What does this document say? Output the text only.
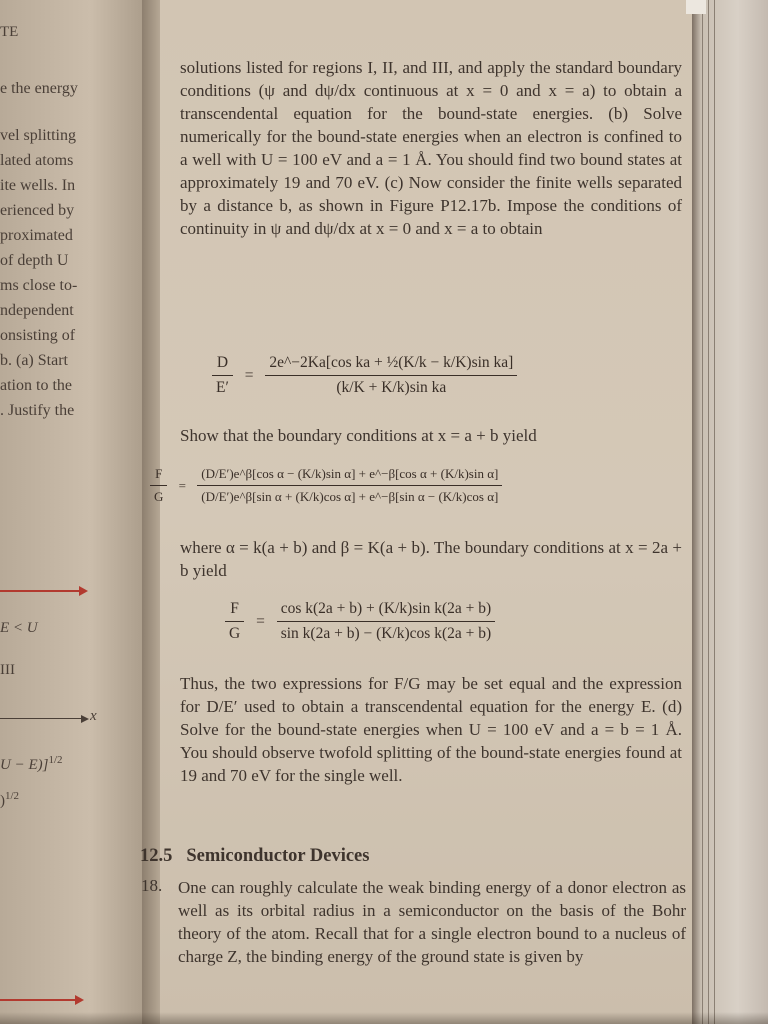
TE
e the energy
vel splitting
lated atoms
ite wells. In
erienced by
proximated
of depth U
ms close to-
ndependent
onsisting of
b. (a) Start
ation to the
. Justify the
E < U
III
x
U − E)]$^{1/2}$
)$^{1/2}$

solutions listed for regions I, II, and III, and apply the standard boundary conditions (ψ and dψ/dx continuous at x = 0 and x = a) to obtain a transcendental equation for the bound-state energies. (b) Solve numerically for the bound-state energies when an electron is confined to a well with U = 100 eV and a = 1 Å. You should find two bound states at approximately 19 and 70 eV. (c) Now consider the finite wells separated by a distance b, as shown in Figure P12.17b. Impose the conditions of continuity in ψ and dψ/dx at x = 0 and x = a to obtain

$\frac{D}{E'} = \frac{\text{2e\textasciicircum{}−2Ka[cos ka + ½(K/k − k/K)sin ka]}}{\text{(k/K + K/k)sin ka}}$

Show that the boundary conditions at x = a + b yield

$\frac{F}{G} = \frac{\text{(D/E′)e\textasciicircum{}β[cos α − (K/k)sin α] + e\textasciicircum{}−β[cos α + (K/k)sin α]}}{\text{(D/E′)e\textasciicircum{}β[sin α + (K/k)cos α] + e\textasciicircum{}−β[sin α − (K/k)cos α]}}$

where α = k(a + b) and β = K(a + b). The boundary conditions at x = 2a + b yield

$\frac{F}{G} = \frac{\text{cos k(2a + b) + (K/k)sin k(2a + b)}}{\text{sin k(2a + b) − (K/k)cos k(2a + b)}}$

Thus, the two expressions for F/G may be set equal and the expression for D/E′ used to obtain a transcendental equation for the energy E. (d) Solve for the bound-state energies when U = 100 eV and a = b = 1 Å. You should observe twofold splitting of the bound-state energies found at 19 and 70 eV for the single well.

12.5 Semiconductor Devices
18. One can roughly calculate the weak binding energy of a donor electron as well as its orbital radius in a semiconductor on the basis of the Bohr theory of the atom. Recall that for a single electron bound to a nucleus of charge Z, the binding energy of the ground state is given by
